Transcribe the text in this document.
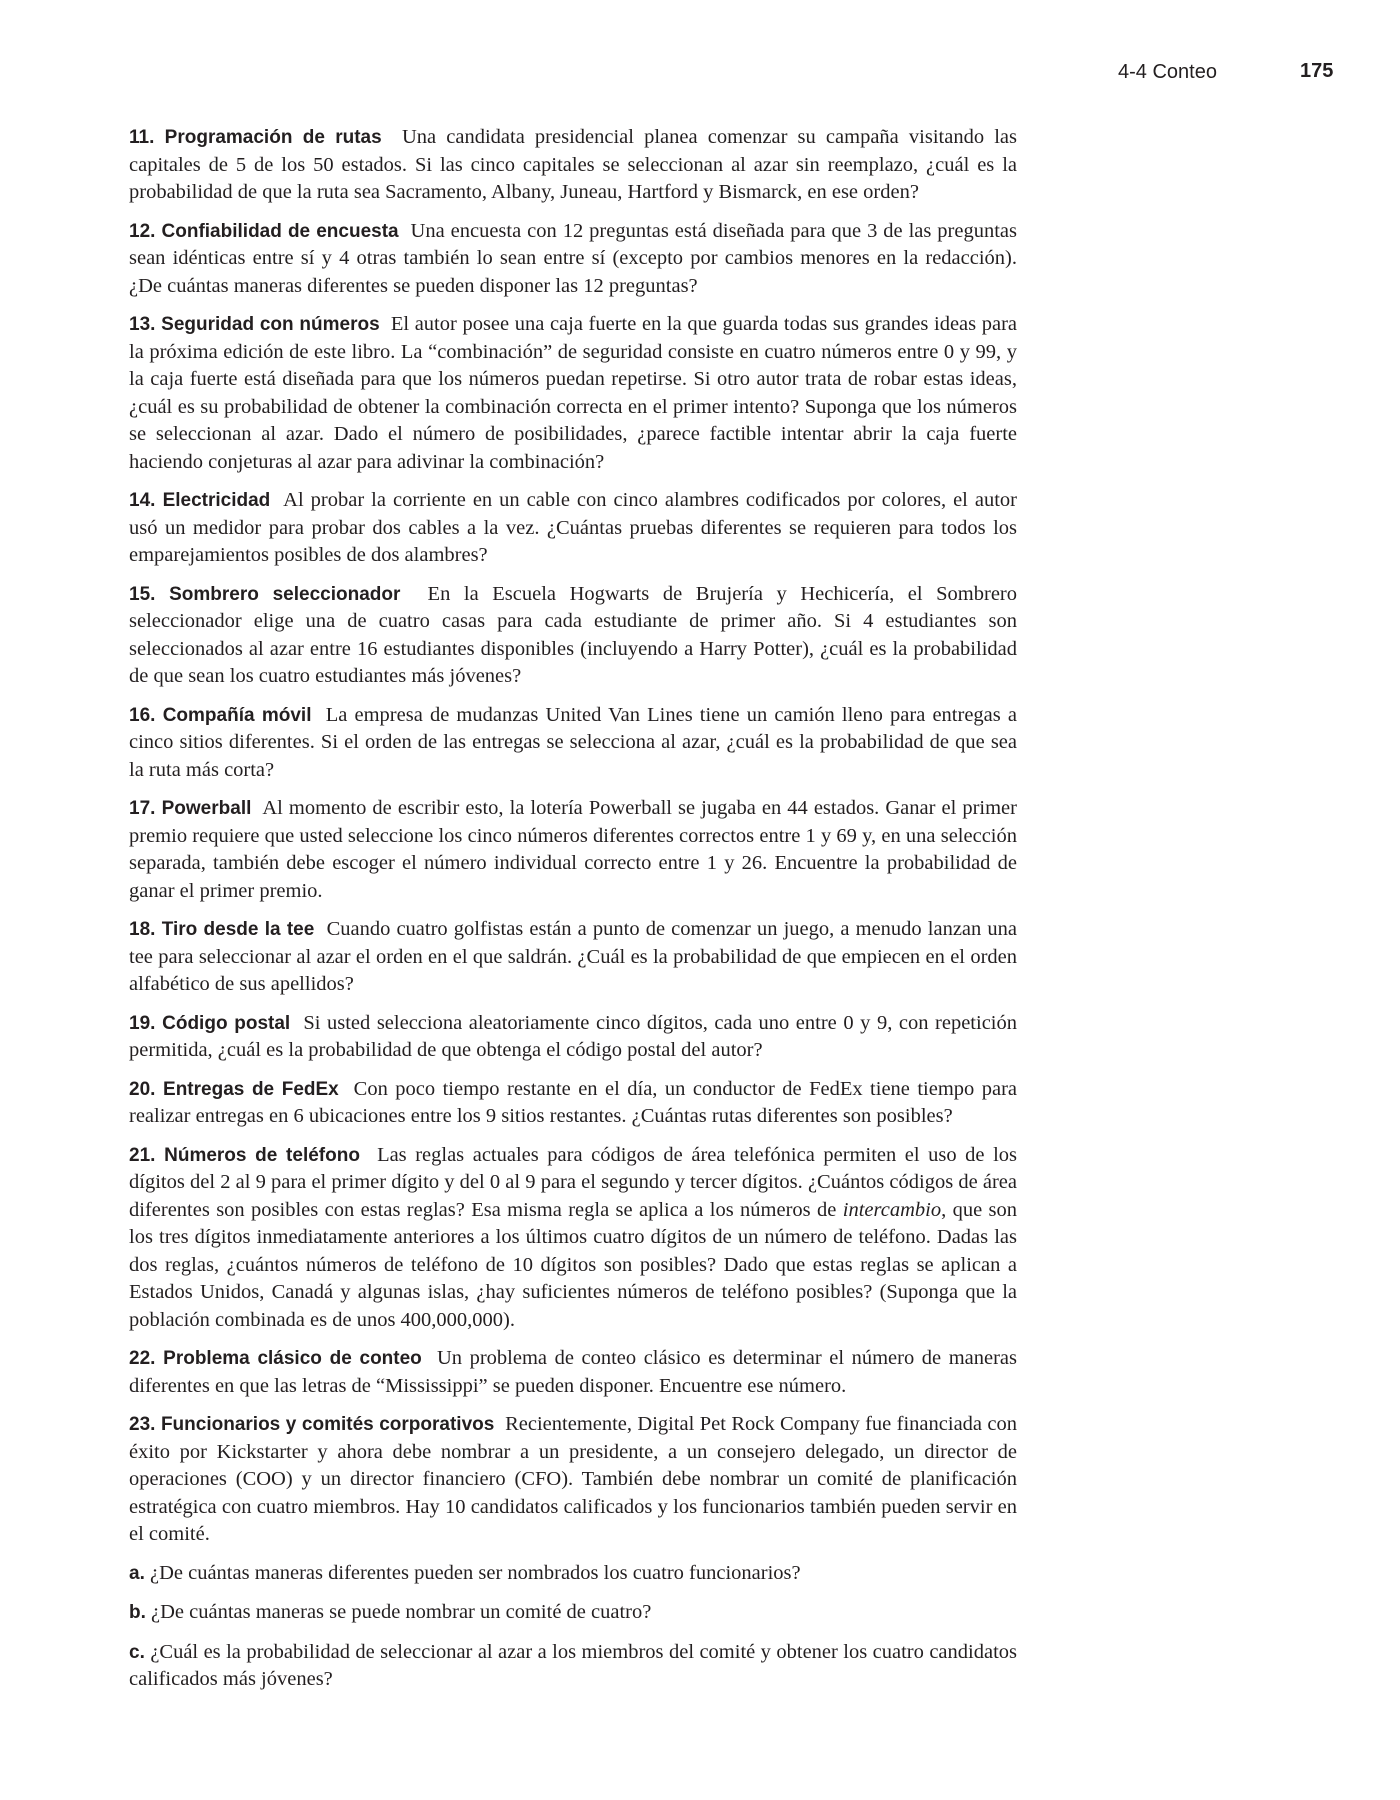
4-4 Conteo	175

11. Programación de rutas Una candidata presidencial planea comenzar su campaña visitando las capitales de 5 de los 50 estados. Si las cinco capitales se seleccionan al azar sin reemplazo, ¿cuál es la probabilidad de que la ruta sea Sacramento, Albany, Juneau, Hartford y Bismarck, en ese orden?

12. Confiabilidad de encuesta Una encuesta con 12 preguntas está diseñada para que 3 de las preguntas sean idénticas entre sí y 4 otras también lo sean entre sí (excepto por cambios menores en la redacción). ¿De cuántas maneras diferentes se pueden disponer las 12 preguntas?

13. Seguridad con números El autor posee una caja fuerte en la que guarda todas sus grandes ideas para la próxima edición de este libro. La “combinación” de seguridad consiste en cuatro números entre 0 y 99, y la caja fuerte está diseñada para que los números puedan repetirse. Si otro autor trata de robar estas ideas, ¿cuál es su probabilidad de obtener la combinación correcta en el primer intento? Suponga que los números se seleccionan al azar. Dado el número de posibilidades, ¿parece factible intentar abrir la caja fuerte haciendo conjeturas al azar para adivinar la combinación?

14. Electricidad Al probar la corriente en un cable con cinco alambres codificados por colores, el autor usó un medidor para probar dos cables a la vez. ¿Cuántas pruebas diferentes se requieren para todos los emparejamientos posibles de dos alambres?

15. Sombrero seleccionador En la Escuela Hogwarts de Brujería y Hechicería, el Sombrero seleccionador elige una de cuatro casas para cada estudiante de primer año. Si 4 estudiantes son seleccionados al azar entre 16 estudiantes disponibles (incluyendo a Harry Potter), ¿cuál es la probabilidad de que sean los cuatro estudiantes más jóvenes?

16. Compañía móvil La empresa de mudanzas United Van Lines tiene un camión lleno para entregas a cinco sitios diferentes. Si el orden de las entregas se selecciona al azar, ¿cuál es la probabilidad de que sea la ruta más corta?

17. Powerball Al momento de escribir esto, la lotería Powerball se jugaba en 44 estados. Ganar el primer premio requiere que usted seleccione los cinco números diferentes correctos entre 1 y 69 y, en una selección separada, también debe escoger el número individual correcto entre 1 y 26. Encuentre la probabilidad de ganar el primer premio.

18. Tiro desde la tee Cuando cuatro golfistas están a punto de comenzar un juego, a menudo lanzan una tee para seleccionar al azar el orden en el que saldrán. ¿Cuál es la probabilidad de que empiecen en el orden alfabético de sus apellidos?

19. Código postal Si usted selecciona aleatoriamente cinco dígitos, cada uno entre 0 y 9, con repetición permitida, ¿cuál es la probabilidad de que obtenga el código postal del autor?

20. Entregas de FedEx Con poco tiempo restante en el día, un conductor de FedEx tiene tiempo para realizar entregas en 6 ubicaciones entre los 9 sitios restantes. ¿Cuántas rutas diferentes son posibles?

21. Números de teléfono Las reglas actuales para códigos de área telefónica permiten el uso de los dígitos del 2 al 9 para el primer dígito y del 0 al 9 para el segundo y tercer dígitos. ¿Cuántos códigos de área diferentes son posibles con estas reglas? Esa misma regla se aplica a los números de intercambio, que son los tres dígitos inmediatamente anteriores a los últimos cuatro dígitos de un número de teléfono. Dadas las dos reglas, ¿cuántos números de teléfono de 10 dígitos son posibles? Dado que estas reglas se aplican a Estados Unidos, Canadá y algunas islas, ¿hay suficientes números de teléfono posibles? (Suponga que la población combinada es de unos 400,000,000).

22. Problema clásico de conteo Un problema de conteo clásico es determinar el número de maneras diferentes en que las letras de “Mississippi” se pueden disponer. Encuentre ese número.

23. Funcionarios y comités corporativos Recientemente, Digital Pet Rock Company fue financiada con éxito por Kickstarter y ahora debe nombrar a un presidente, a un consejero delegado, un director de operaciones (COO) y un director financiero (CFO). También debe nombrar un comité de planificación estratégica con cuatro miembros. Hay 10 candidatos calificados y los funcionarios también pueden servir en el comité.

a. ¿De cuántas maneras diferentes pueden ser nombrados los cuatro funcionarios?

b. ¿De cuántas maneras se puede nombrar un comité de cuatro?

c. ¿Cuál es la probabilidad de seleccionar al azar a los miembros del comité y obtener los cuatro candidatos calificados más jóvenes?
